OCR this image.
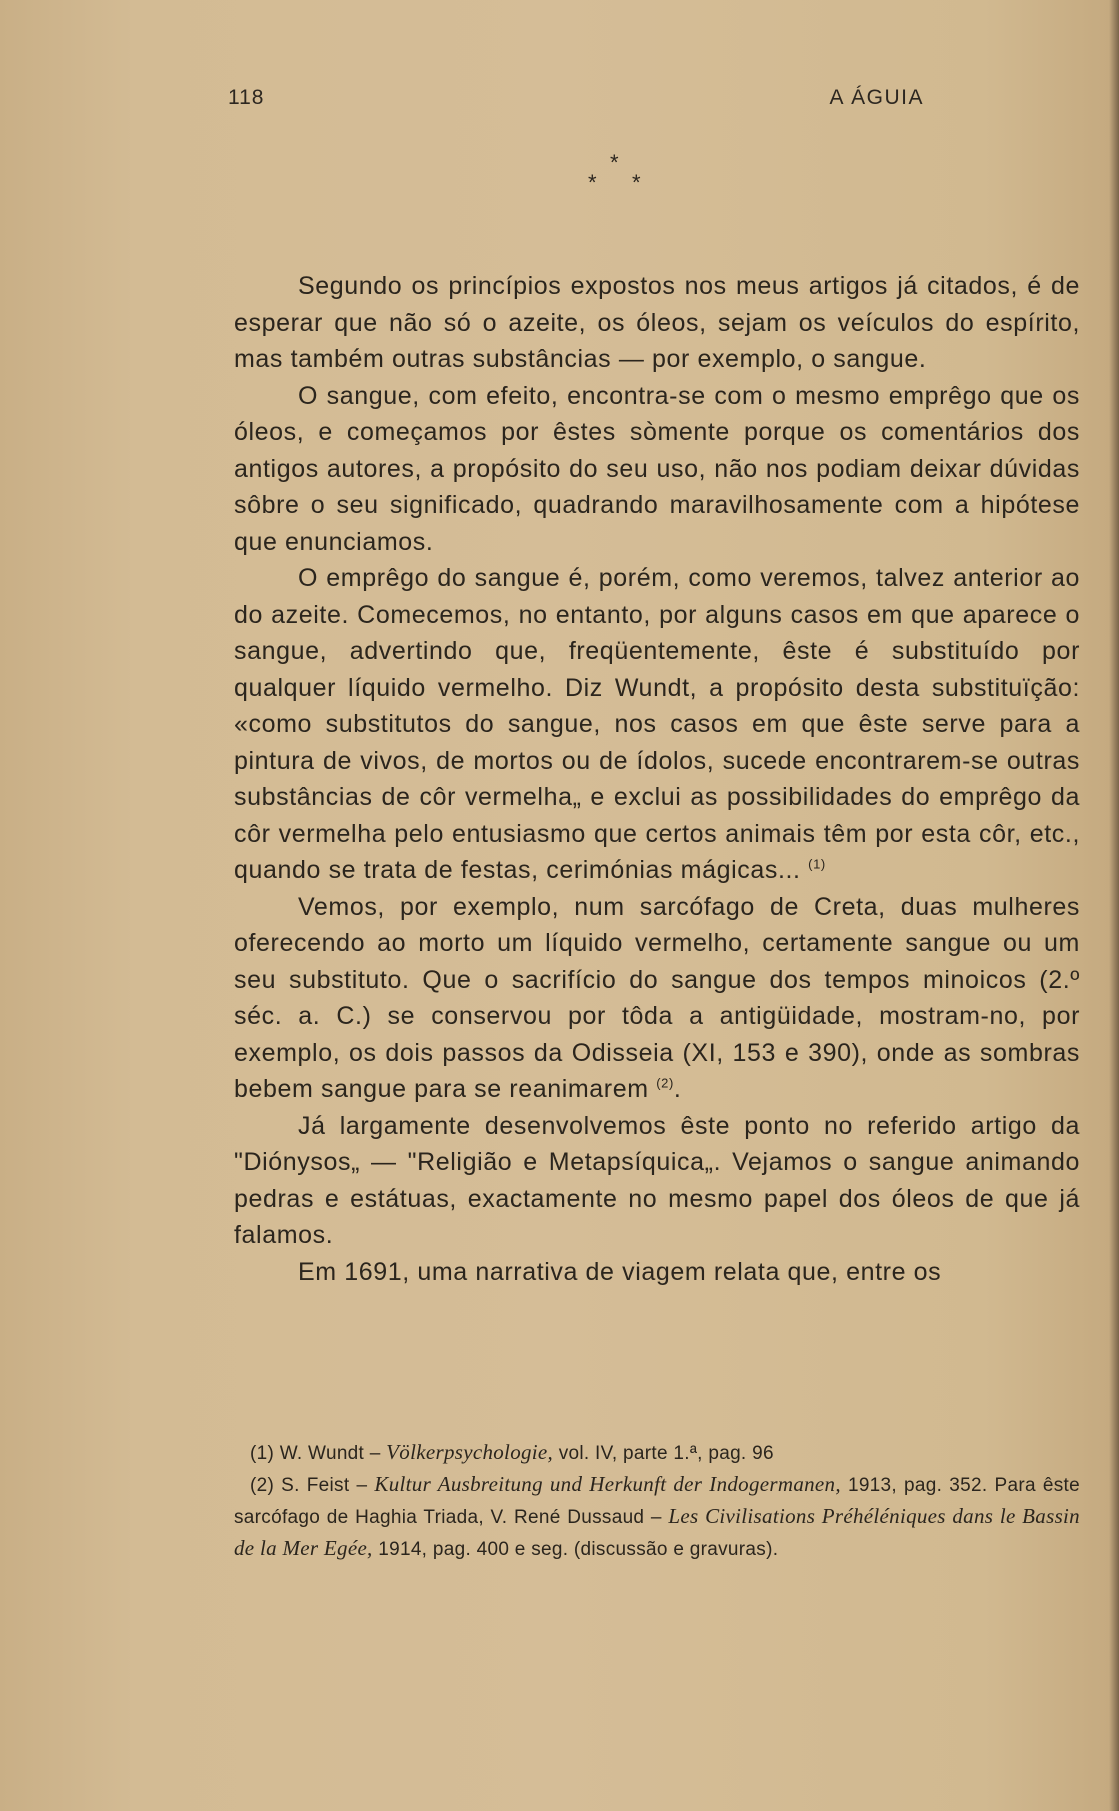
118	A ÁGUIA
*
* *

Segundo os princípios expostos nos meus artigos já citados, é de esperar que não só o azeite, os óleos, sejam os veículos do espírito, mas também outras substâncias — por exemplo, o sangue.

O sangue, com efeito, encontra-se com o mesmo emprêgo que os óleos, e começamos por êstes sòmente porque os comentários dos antigos autores, a propósito do seu uso, não nos podiam deixar dúvidas sôbre o seu significado, quadrando maravilhosamente com a hipótese que enunciamos.

O emprêgo do sangue é, porém, como veremos, talvez anterior ao do azeite. Comecemos, no entanto, por alguns casos em que aparece o sangue, advertindo que, freqüentemente, êste é substituído por qualquer líquido vermelho. Diz Wundt, a propósito desta substituïção: «como substitutos do sangue, nos casos em que êste serve para a pintura de vivos, de mortos ou de ídolos, sucede encontrarem-se outras substâncias de côr vermelha„ e exclui as possibilidades do emprêgo da côr vermelha pelo entusiasmo que certos animais têm por esta côr, etc., quando se trata de festas, cerimónias mágicas... $^{(1)}$

Vemos, por exemplo, num sarcófago de Creta, duas mulheres oferecendo ao morto um líquido vermelho, certamente sangue ou um seu substituto. Que o sacrifício do sangue dos tempos minoicos (2.º séc. a. C.) se conservou por tôda a antigüidade, mostram-no, por exemplo, os dois passos da Odisseia (XI, 153 e 390), onde as sombras bebem sangue para se reanimarem $^{(2)}$.

Já largamente desenvolvemos êste ponto no referido artigo da "Diónysos„ — "Religião e Metapsíquica„. Vejamos o sangue animando pedras e estátuas, exactamente no mesmo papel dos óleos de que já falamos.

Em 1691, uma narrativa de viagem relata que, entre os

(1) W. Wundt – Völkerpsychologie, vol. IV, parte 1.ª, pag. 96

(2) S. Feist – Kultur Ausbreitung und Herkunft der Indogermanen, 1913, pag. 352. Para êste sarcófago de Haghia Triada, V. René Dussaud – Les Civilisations Préhéléniques dans le Bassin de la Mer Egée, 1914, pag. 400 e seg. (discussão e gravuras).
